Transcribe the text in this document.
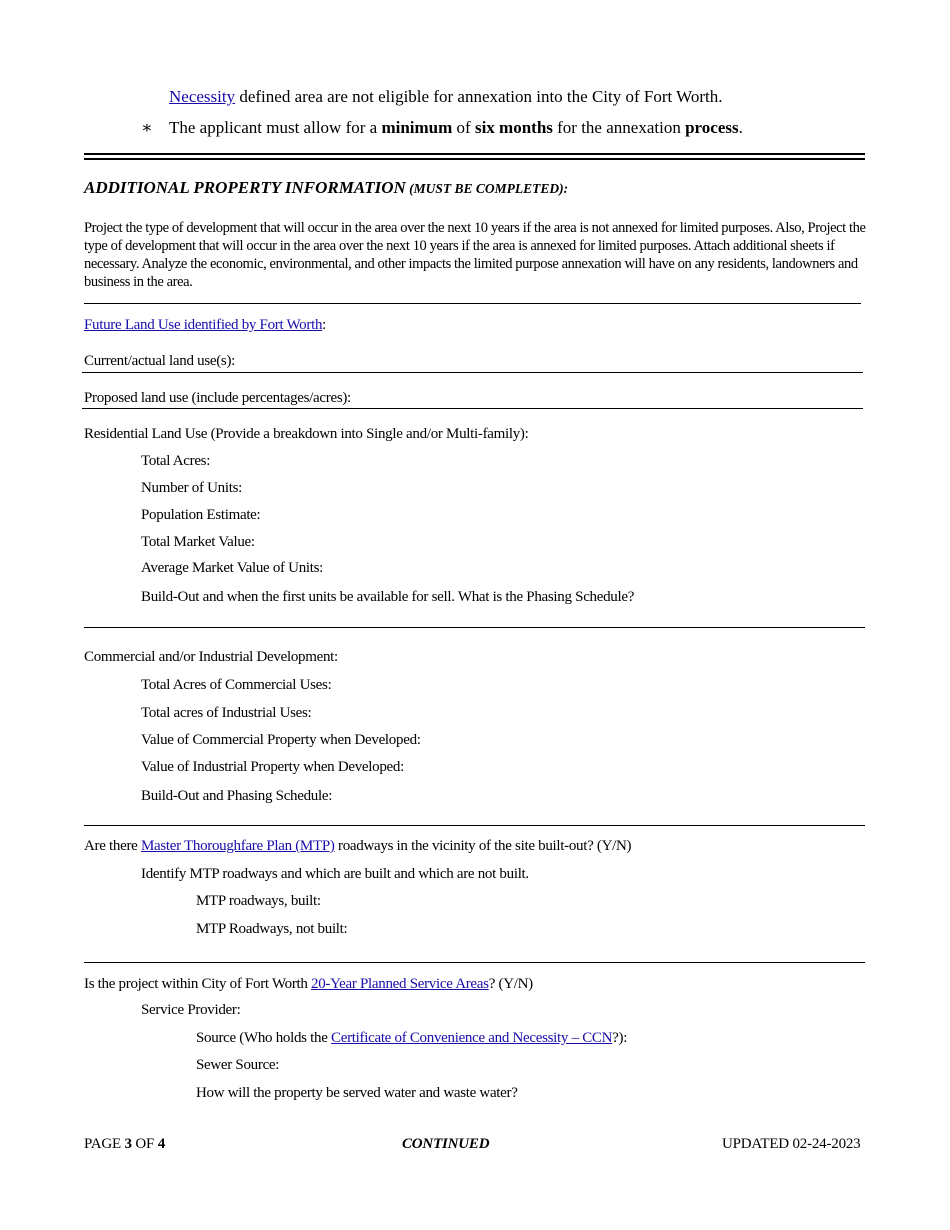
Necessity defined area are not eligible for annexation into the City of Fort Worth.
∗ The applicant must allow for a minimum of six months for the annexation process.
ADDITIONAL PROPERTY INFORMATION (MUST BE COMPLETED):
Project the type of development that will occur in the area over the next 10 years if the area is not annexed for limited purposes. Also, Project the type of development that will occur in the area over the next 10 years if the area is annexed for limited purposes. Attach additional sheets if necessary. Analyze the economic, environmental, and other impacts the limited purpose annexation will have on any residents, landowners and business in the area.
Future Land Use identified by Fort Worth:
Current/actual land use(s):
Proposed land use (include percentages/acres):
Residential Land Use (Provide a breakdown into Single and/or Multi-family):
Total Acres:
Number of Units:
Population Estimate:
Total Market Value:
Average Market Value of Units:
Build-Out and when the first units be available for sell. What is the Phasing Schedule?
Commercial and/or Industrial Development:
Total Acres of Commercial Uses:
Total acres of Industrial Uses:
Value of Commercial Property when Developed:
Value of Industrial Property when Developed:
Build-Out and Phasing Schedule:
Are there Master Thoroughfare Plan (MTP) roadways in the vicinity of the site built-out? (Y/N)
Identify MTP roadways and which are built and which are not built.
MTP roadways, built:
MTP Roadways, not built:
Is the project within City of Fort Worth 20-Year Planned Service Areas? (Y/N)
Service Provider:
Source (Who holds the Certificate of Convenience and Necessity – CCN?):
Sewer Source:
How will the property be served water and waste water?
PAGE 3 OF 4	CONTINUED	UPDATED 02-24-2023
